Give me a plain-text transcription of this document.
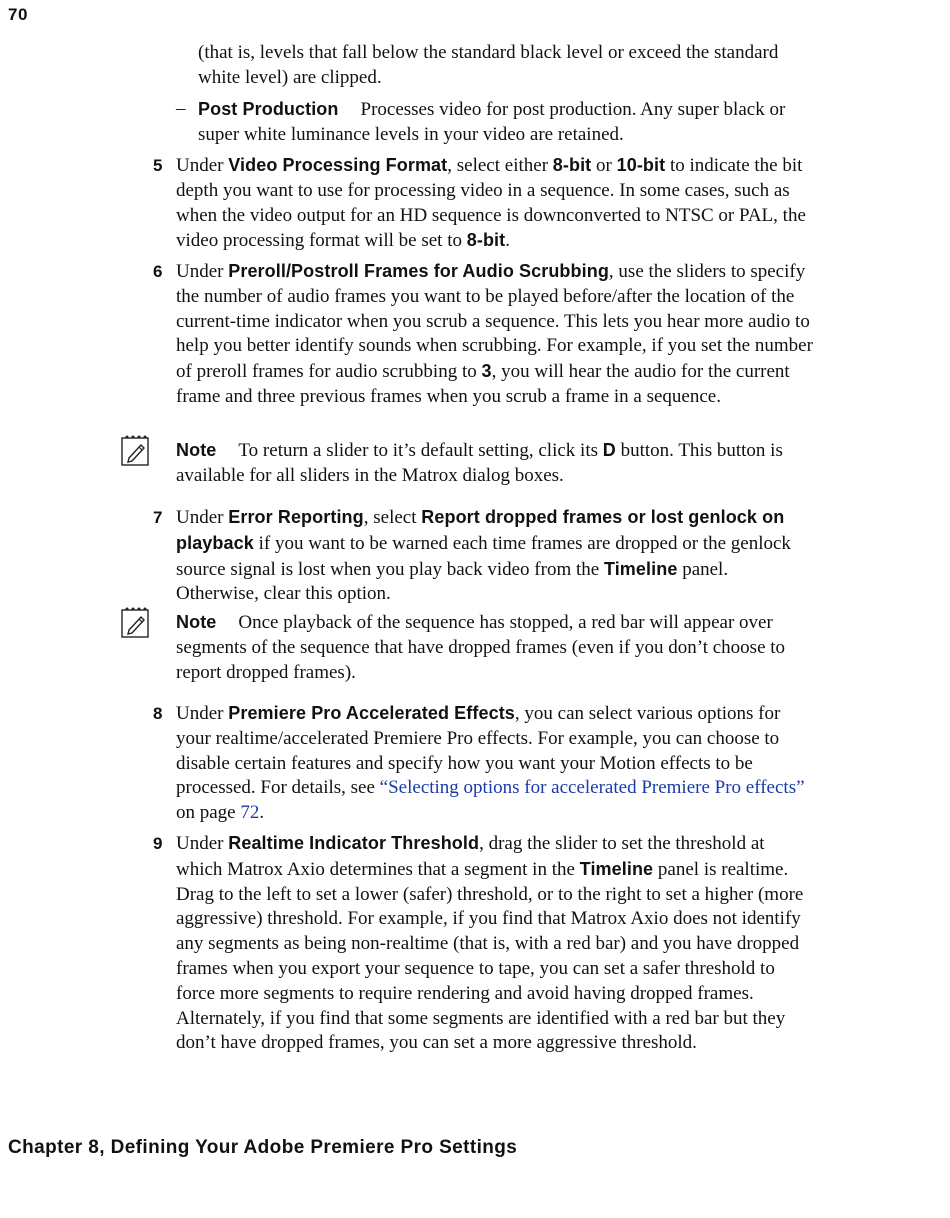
70

(that is, levels that fall below the standard black level or exceed the standard white level) are clipped.

– Post Production Processes video for post production. Any super black or super white luminance levels in your video are retained.

5 Under Video Processing Format, select either 8-bit or 10-bit to indicate the bit depth you want to use for processing video in a sequence. In some cases, such as when the video output for an HD sequence is downconverted to NTSC or PAL, the video processing format will be set to 8-bit.

6 Under Preroll/Postroll Frames for Audio Scrubbing, use the sliders to specify the number of audio frames you want to be played before/after the location of the current-time indicator when you scrub a sequence. This lets you hear more audio to help you better identify sounds when scrubbing. For example, if you set the number of preroll frames for audio scrubbing to 3, you will hear the audio for the current frame and three previous frames when you scrub a frame in a sequence.

Note To return a slider to it’s default setting, click its D button. This button is available for all sliders in the Matrox dialog boxes.

7 Under Error Reporting, select Report dropped frames or lost genlock on playback if you want to be warned each time frames are dropped or the genlock source signal is lost when you play back video from the Timeline panel. Otherwise, clear this option.

Note Once playback of the sequence has stopped, a red bar will appear over segments of the sequence that have dropped frames (even if you don’t choose to report dropped frames).

8 Under Premiere Pro Accelerated Effects, you can select various options for your realtime/accelerated Premiere Pro effects. For example, you can choose to disable certain features and specify how you want your Motion effects to be processed. For details, see “Selecting options for accelerated Premiere Pro effects” on page 72.

9 Under Realtime Indicator Threshold, drag the slider to set the threshold at which Matrox Axio determines that a segment in the Timeline panel is realtime. Drag to the left to set a lower (safer) threshold, or to the right to set a higher (more aggressive) threshold. For example, if you find that Matrox Axio does not identify any segments as being non-realtime (that is, with a red bar) and you have dropped frames when you export your sequence to tape, you can set a safer threshold to force more segments to require rendering and avoid having dropped frames. Alternately, if you find that some segments are identified with a red bar but they don’t have dropped frames, you can set a more aggressive threshold.

Chapter 8, Defining Your Adobe Premiere Pro Settings
